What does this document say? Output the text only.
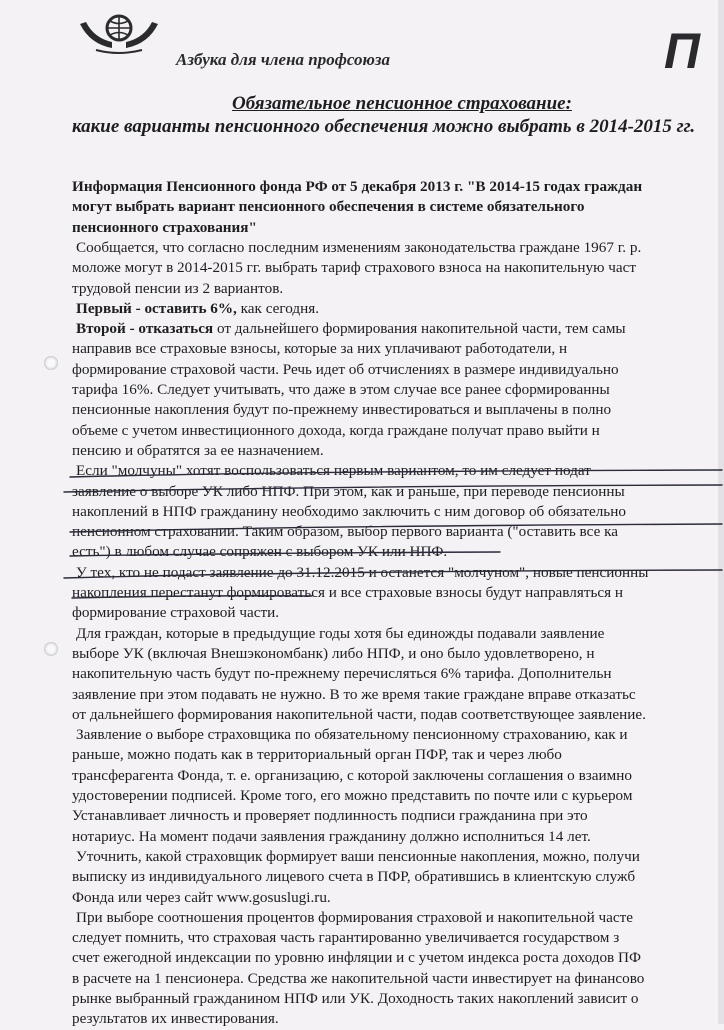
Азбука для члена профсоюза	П
Обязательное пенсионное страхование:
какие варианты пенсионного обеспечения можно выбрать в 2014-2015 гг.
Информация Пенсионного фонда РФ от 5 декабря 2013 г. "В 2014-15 годах граждан
могут выбрать вариант пенсионного обеспечения в системе обязательного
пенсионного страхования"
Сообщается, что согласно последним изменениям законодательства граждане 1967 г. р.
моложе могут в 2014-2015 гг. выбрать тариф страхового взноса на накопительную част
трудовой пенсии из 2 вариантов.
Первый - оставить 6%, как сегодня.
Второй - отказаться от дальнейшего формирования накопительной части, тем самы
направив все страховые взносы, которые за них уплачивают работодатели, н
формирование страховой части. Речь идет об отчислениях в размере индивидуально
тарифа 16%. Следует учитывать, что даже в этом случае все ранее сформированны
пенсионные накопления будут по-прежнему инвестироваться и выплачены в полно
объеме с учетом инвестиционного дохода, когда граждане получат право выйти н
пенсию и обратятся за ее назначением.
Если "молчуны" хотят воспользоваться первым вариантом, то им следует подат
заявление о выборе УК либо НПФ. При этом, как и раньше, при переводе пенсионны
накоплений в НПФ гражданину необходимо заключить с ним договор об обязательно
пенсионном страховании. Таким образом, выбор первого варианта ("оставить все ка
есть") в любом случае сопряжен с выбором УК или НПФ.
У тех, кто не подаст заявление до 31.12.2015 и останется "молчуном", новые пенсионны
накопления перестанут формироваться и все страховые взносы будут направляться н
формирование страховой части.
Для граждан, которые в предыдущие годы хотя бы единожды подавали заявление
выборе УК (включая Внешэкономбанк) либо НПФ, и оно было удовлетворено, н
накопительную часть будут по-прежнему перечисляться 6% тарифа. Дополнительн
заявление при этом подавать не нужно. В то же время такие граждане вправе отказатьс
от дальнейшего формирования накопительной части, подав соответствующее заявление.
Заявление о выборе страховщика по обязательному пенсионному страхованию, как и
раньше, можно подать как в территориальный орган ПФР, так и через любо
трансферагента Фонда, т. е. организацию, с которой заключены соглашения о взаимно
удостоверении подписей. Кроме того, его можно представить по почте или с курьером
Устанавливает личность и проверяет подлинность подписи гражданина при это
нотариус. На момент подачи заявления гражданину должно исполниться 14 лет.
Уточнить, какой страховщик формирует ваши пенсионные накопления, можно, получи
выписку из индивидуального лицевого счета в ПФР, обратившись в клиентскую служб
Фонда или через сайт www.gosuslugi.ru.
При выборе соотношения процентов формирования страховой и накопительной часте
следует помнить, что страховая часть гарантированно увеличивается государством з
счет ежегодной индексации по уровню инфляции и с учетом индекса роста доходов ПФ
в расчете на 1 пенсионера. Средства же накопительной части инвестирует на финансово
рынке выбранный гражданином НПФ или УК. Доходность таких накоплений зависит о
результатов их инвестирования.
